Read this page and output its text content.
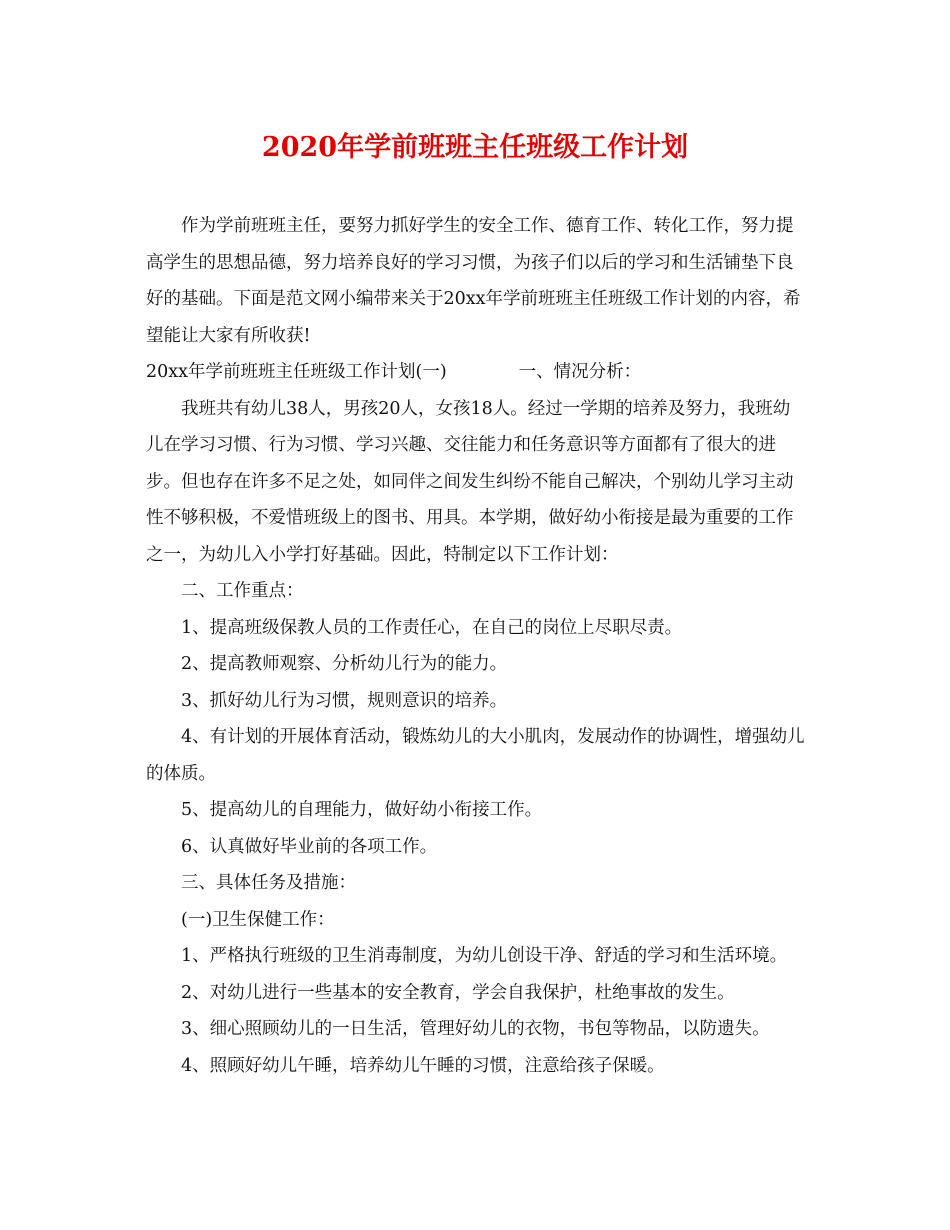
2020年学前班班主任班级工作计划

作为学前班班主任，要努力抓好学生的安全工作、德育工作、转化工作，努力提高学生的思想品德，努力培养良好的学习习惯，为孩子们以后的学习和生活铺垫下良好的基础。下面是范文网小编带来关于20xx年学前班班主任班级工作计划的内容，希望能让大家有所收获!

20xx年学前班班主任班级工作计划(一)	一、情况分析：

我班共有幼儿38人，男孩20人，女孩18人。经过一学期的培养及努力，我班幼儿在学习习惯、行为习惯、学习兴趣、交往能力和任务意识等方面都有了很大的进步。但也存在许多不足之处，如同伴之间发生纠纷不能自己解决，个别幼儿学习主动性不够积极，不爱惜班级上的图书、用具。本学期，做好幼小衔接是最为重要的工作之一，为幼儿入小学打好基础。因此，特制定以下工作计划：

二、工作重点：

1、提高班级保教人员的工作责任心，在自己的岗位上尽职尽责。

2、提高教师观察、分析幼儿行为的能力。

3、抓好幼儿行为习惯，规则意识的培养。

4、有计划的开展体育活动，锻炼幼儿的大小肌肉，发展动作的协调性，增强幼儿的体质。

5、提高幼儿的自理能力，做好幼小衔接工作。

6、认真做好毕业前的各项工作。

三、具体任务及措施：

(一)卫生保健工作：

1、严格执行班级的卫生消毒制度，为幼儿创设干净、舒适的学习和生活环境。

2、对幼儿进行一些基本的安全教育，学会自我保护，杜绝事故的发生。

3、细心照顾幼儿的一日生活，管理好幼儿的衣物，书包等物品，以防遗失。

4、照顾好幼儿午睡，培养幼儿午睡的习惯，注意给孩子保暖。
